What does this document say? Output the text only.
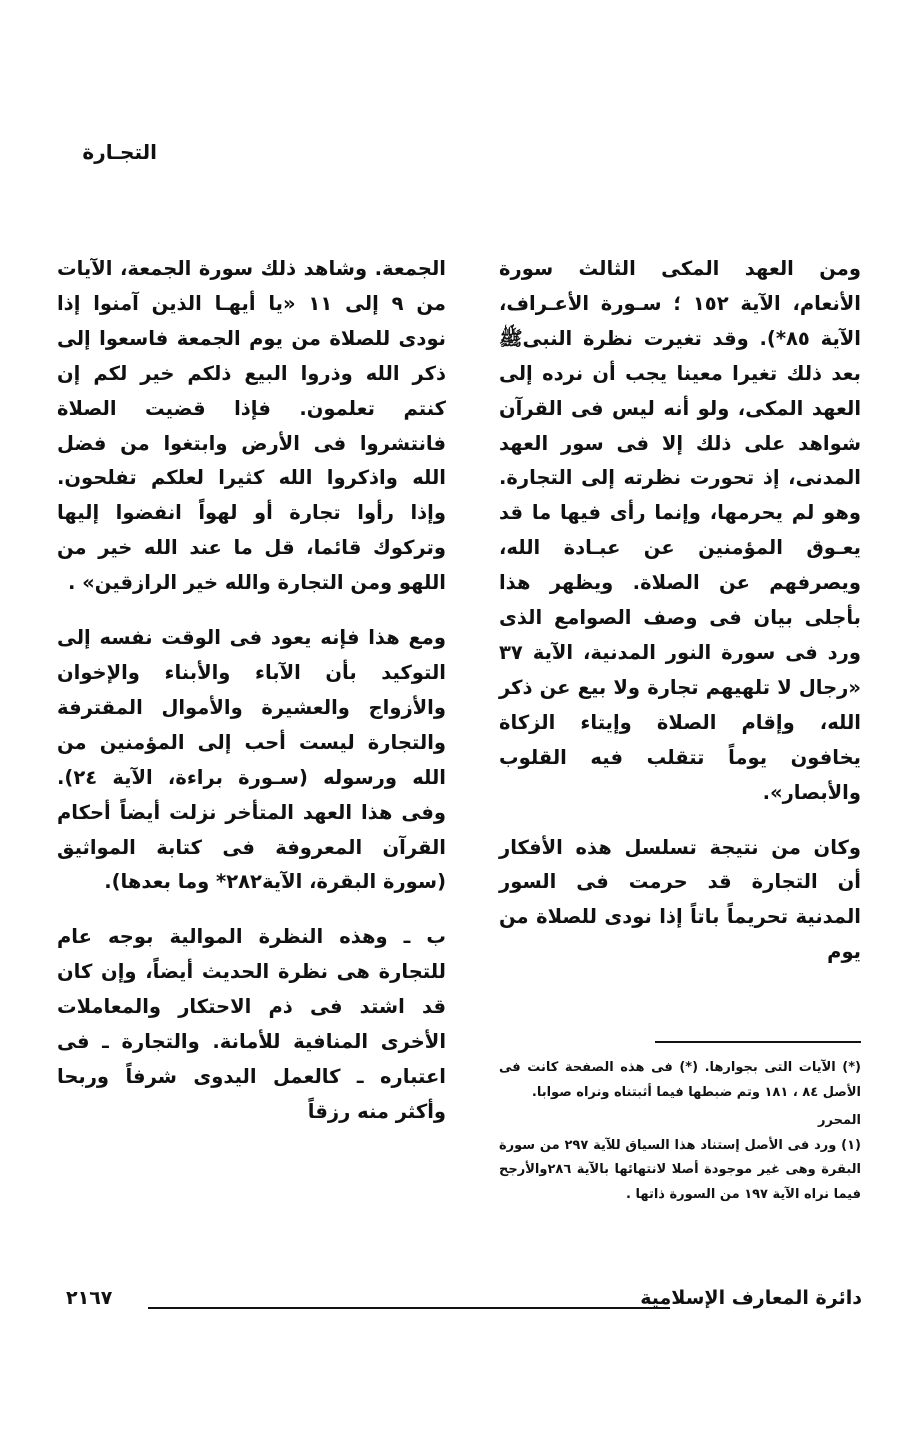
التجـارة

ومن العهد المكى الثالث سورة الأنعام، الآية ١٥٢ ؛ سـورة الأعـراف، الآية ٨٥*). وقد تغيرت نظرة النبىﷺ بعد ذلك تغيرا معينا يجب أن نرده إلى العهد المكى، ولو أنه ليس فى القرآن شواهد على ذلك إلا فى سور العهد المدنى، إذ تحورت نظرته إلى التجارة. وهو لم يحرمها، وإنما رأى فيها ما قد يعـوق المؤمنين عن عبـادة الله، ويصرفهم عن الصلاة. ويظهر هذا بأجلى بيان فى وصف الصوامع الذى ورد فى سورة النور المدنية، الآية ٣٧ «رجال لا تلهيهم تجارة ولا بيع عن ذكر الله، وإقام الصلاة وإيتاء الزكاة يخافون يوماً تتقلب فيه القلوب والأبصار».

وكان من نتيجة تسلسل هذه الأفكار أن التجارة قد حرمت فى السور المدنية تحريماً باتاً إذا نودى للصلاة من يوم

الجمعة. وشاهد ذلك سورة الجمعة، الآيات من ٩ إلى ١١ «يا أيهـا الذين آمنوا إذا نودى للصلاة من يوم الجمعة فاسعوا إلى ذكر الله وذروا البيع ذلكم خير لكم إن كنتم تعلمون. فإذا قضيت الصلاة فانتشروا فى الأرض وابتغوا من فضل الله واذكروا الله كثيرا لعلكم تفلحون. وإذا رأوا تجارة أو لهواً انفضوا إليها وتركوك قائما، قل ما عند الله خير من اللهو ومن التجارة والله خير الرازقين» .

ومع هذا فإنه يعود فى الوقت نفسه إلى التوكيد بأن الآباء والأبناء والإخوان والأزواج والعشيرة والأموال المقترفة والتجارة ليست أحب إلى المؤمنين من الله ورسوله (سـورة براءة، الآية ٢٤). وفى هذا العهد المتأخر نزلت أيضاً أحكام القرآن المعروفة فى كتابة المواثيق (سورة البقرة، الآية٢٨٢* وما بعدها).

ب ـ وهذه النظرة الموالية بوجه عام للتجارة هى نظرة الحديث أيضاً، وإن كان قد اشتد فى ذم الاحتكار والمعاملات الأخرى المنافية للأمانة. والتجارة ـ فى اعتباره ـ كالعمل اليدوى شرفاً وربحا وأكثر منه رزقاً

(*) الآيات التى بجوارها. (*) فى هذه الصفحة كانت فى الأصل ٨٤ ، ١٨١ وتم ضبطها فيما أثبتناه ونراه صوابا.

المحرر

(١) ورد فى الأصل إستناد هذا السياق للآية ٢٩٧ من سورة البقرة وهى غير موجودة أصلا لانتهائها بالآية ٢٨٦والأرجح فيما نراه الآية ١٩٧ من السورة ذاتها .

دائرة المعارف الإسلامية
٢١٦٧
